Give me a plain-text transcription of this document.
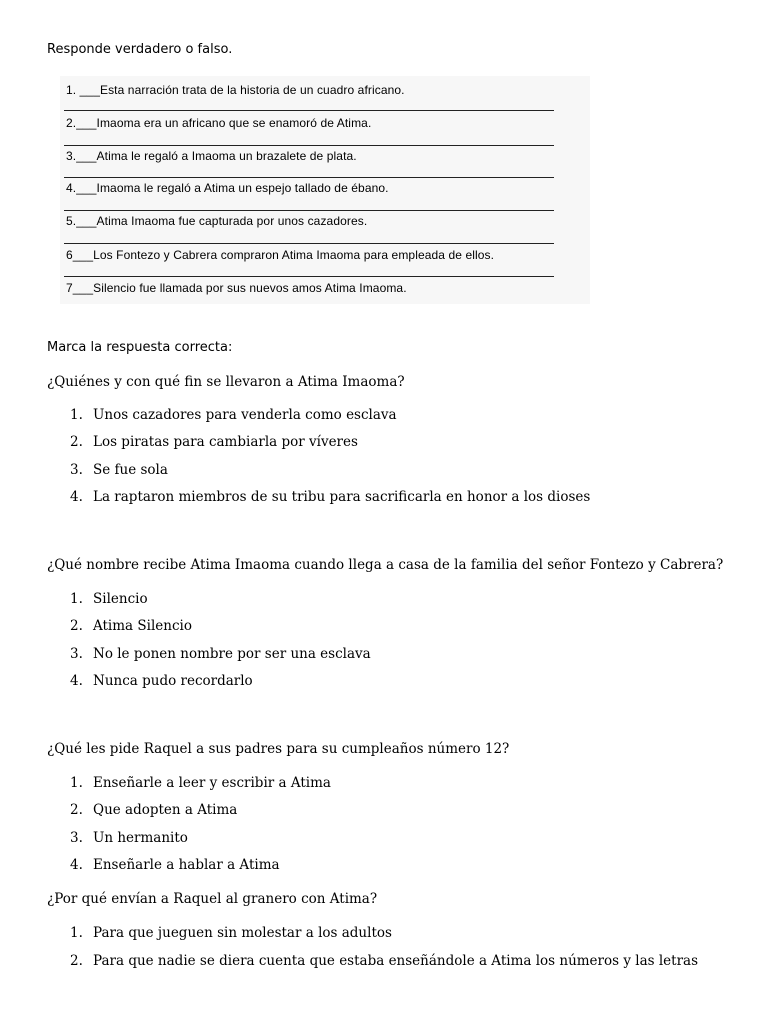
Responde verdadero o falso.
1. ___Esta narración trata de la historia de un cuadro africano.
2.___Imaoma era un africano que se enamoró de Atima.
3.___Atima le regaló a Imaoma un brazalete de plata.
4.___Imaoma le regaló a Atima un espejo tallado de ébano.
5.___Atima Imaoma fue capturada por unos cazadores.
6___Los Fontezo y Cabrera compraron Atima Imaoma para empleada de ellos.
7___Silencio fue llamada por sus nuevos amos Atima Imaoma.
Marca la respuesta correcta:
¿Quiénes y con qué fin se llevaron a Atima Imaoma?
1. Unos cazadores para venderla como esclava
2. Los piratas para cambiarla por víveres
3. Se fue sola
4. La raptaron miembros de su tribu para sacrificarla en honor a los dioses
¿Qué nombre recibe Atima Imaoma cuando llega a casa de la familia del señor Fontezo y Cabrera?
1. Silencio
2. Atima Silencio
3. No le ponen nombre por ser una esclava
4. Nunca pudo recordarlo
¿Qué les pide Raquel a sus padres para su cumpleaños número 12?
1. Enseñarle a leer y escribir a Atima
2. Que adopten a Atima
3. Un hermanito
4. Enseñarle a hablar a Atima
¿Por qué envían a Raquel al granero con Atima?
1. Para que jueguen sin molestar a los adultos
2. Para que nadie se diera cuenta que estaba enseñándole a Atima los números y las letras
